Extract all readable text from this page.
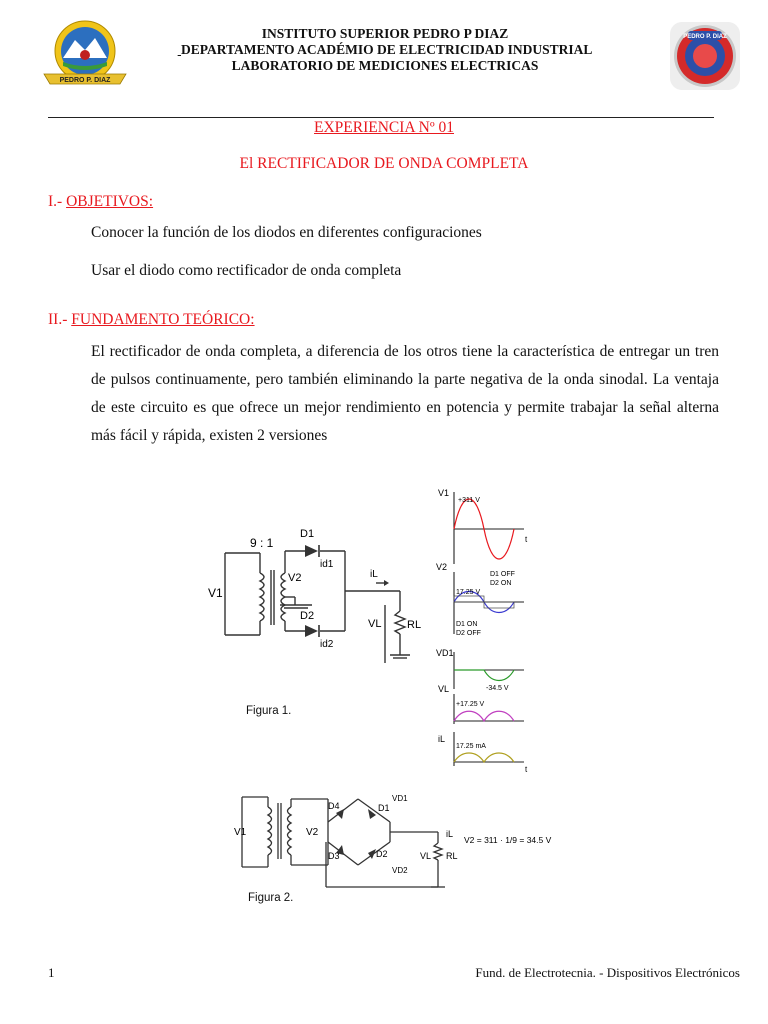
PEDRO P. DIAZ
INSTITUTO SUPERIOR PEDRO P DIAZ
DEPARTAMENTO ACADÉMIO DE ELECTRICIDAD INDUSTRIAL
LABORATORIO DE MEDICIONES ELECTRICAS
PEDRO P. DIAZ
EXPERIENCIA Nº 01
El RECTIFICADOR DE ONDA COMPLETA
I.- OBJETIVOS:
Conocer la función de los diodos en diferentes configuraciones
Usar el diodo como rectificador de onda completa
II.- FUNDAMENTO TEÓRICO:
El rectificador de onda completa, a diferencia de los otros tiene la característica de entregar un tren de pulsos continuamente, pero también eliminando la parte negativa de la onda sinodal. La ventaja de este circuito es que ofrece un mejor rendimiento en potencia y permite trabajar la señal alterna más fácil y rápida, existen 2 versiones
9 : 1
V1
V2
D1
D2
id1
id2
iL
VL RL
Figura 1.
V1
+311 V
t
V2
17.25 V
D1 OFF
D2 ON
D1 ON
D2 OFF
VD1
-34.5 V
VL
+17.25 V
iL
17.25 mA
t
V1	V2
D4	D1
D3	D2
VD1
VD2
iL
VL RL
V2 = 311 · 1/9 = 34.5 V
Figura 2.
1	Fund. de Electrotecnia. - Dispositivos Electrónicos
